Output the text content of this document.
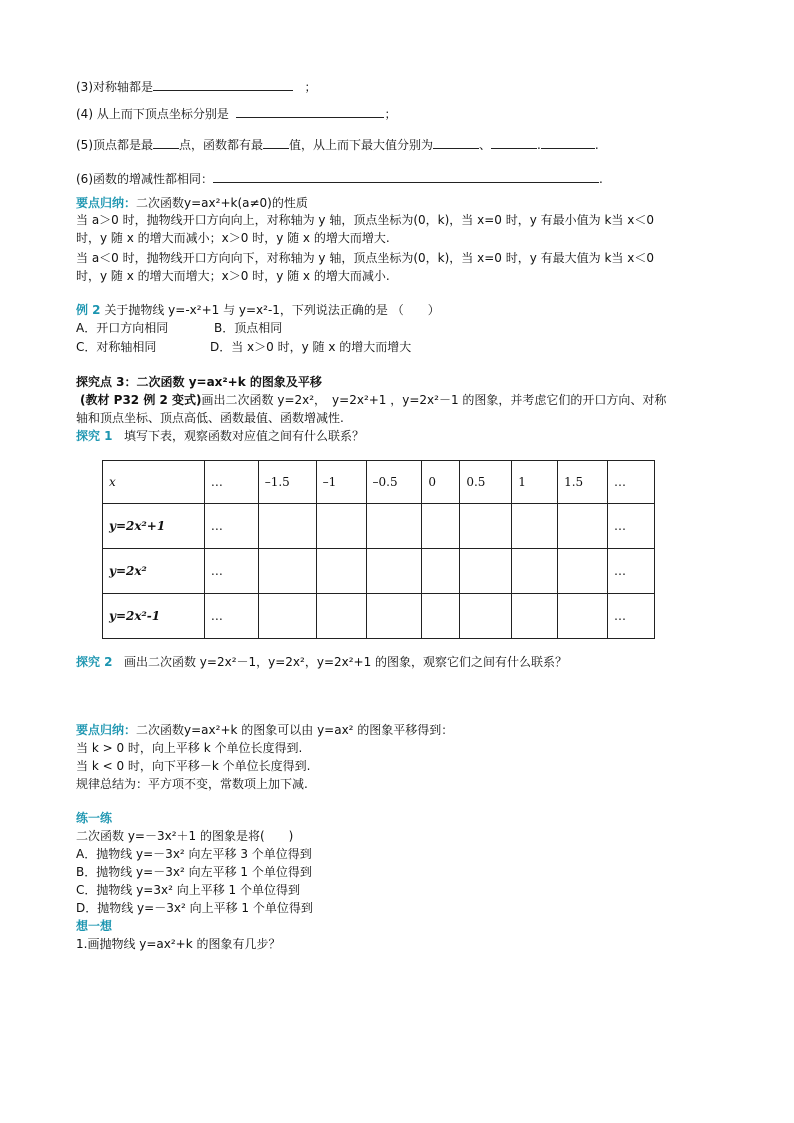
(3)对称轴都是	；
(4) 从上而下顶点坐标分别是	；
(5)顶点都是最 点，函数都有最 值，从上而下最大值分别为	、	.	.
(6)函数的增减性都相同：	.
要点归纳：二次函数y=ax²+k(a≠0)的性质
当 a＞0 时，抛物线开口方向向上，对称轴为 y 轴，顶点坐标为(0，k)，当 x=0 时，y 有最小值为 k当 x＜0
时，y 随 x 的增大而减小；x＞0 时，y 随 x 的增大而增大.
当 a＜0 时，抛物线开口方向向下，对称轴为 y 轴，顶点坐标为(0，k)，当 x=0 时，y 有最大值为 k当 x＜0
时，y 随 x 的增大而增大；x＞0 时，y 随 x 的增大而减小.
例 2 关于抛物线 y=-x²+1 与 y=x²-1，下列说法正确的是 （　　）
A．开口方向相同	B．顶点相同
C．对称轴相同	D．当 x＞0 时，y 随 x 的增大而增大
探究点 3：二次函数 y=ax²+k 的图象及平移
(教材 P32 例 2 变式)画出二次函数 y=2x²，　y=2x²+1 ，y=2x²－1 的图象，并考虑它们的开口方向、对称
轴和顶点坐标、顶点高低、函数最值、函数增减性.
探究 1 填写下表，观察函数对应值之间有什么联系？
x	…	–1.5	–1	–0.5	0	0.5	1	1.5	…
y=2x²+1	…								…
y=2x²	…								…
y=2x²-1	…								…
探究 2 画出二次函数 y=2x²－1，y=2x²，y=2x²+1 的图象，观察它们之间有什么联系？
要点归纳：二次函数y=ax²+k 的图象可以由 y=ax² 的图象平移得到：
当 k > 0 时，向上平移 k 个单位长度得到.
当 k < 0 时，向下平移－k 个单位长度得到.
规律总结为：平方项不变，常数项上加下减.
练一练
二次函数 y=－3x²＋1 的图象是将(　　)
A．抛物线 y=－3x² 向左平移 3 个单位得到
B．抛物线 y=－3x² 向左平移 1 个单位得到
C．抛物线 y=3x² 向上平移 1 个单位得到
D．抛物线 y=－3x² 向上平移 1 个单位得到
想一想
1.画抛物线 y=ax²+k 的图象有几步？
